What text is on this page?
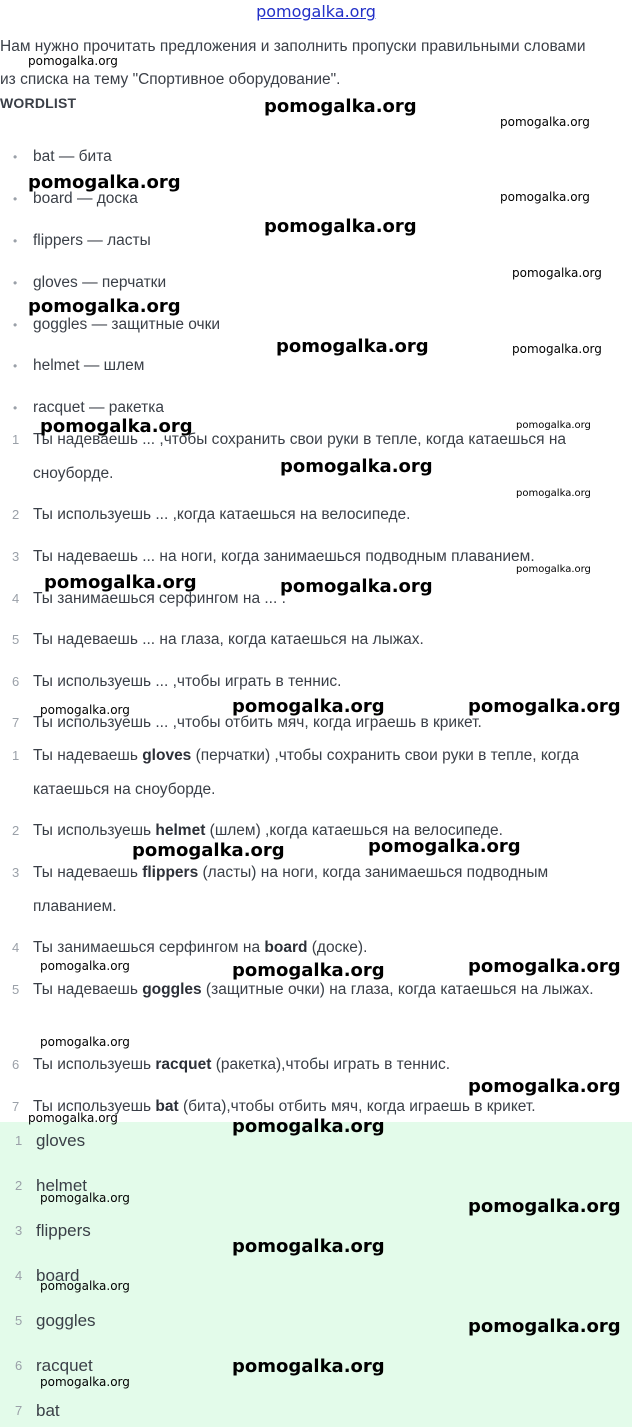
pomogalka.org
Нам нужно прочитать предложения и заполнить пропуски правильными словами из списка на тему "Спортивное оборудование".
WORDLIST
• bat — бита
• board — доска
• flippers — ласты
• gloves — перчатки
• goggles — защитные очки
• helmet — шлем
• racquet — ракетка
1 Ты надеваешь ... ,чтобы сохранить свои руки в тепле, когда катаешься на сноуборде.
2 Ты используешь ... ,когда катаешься на велосипеде.
3 Ты надеваешь ... на ноги, когда занимаешься подводным плаванием.
4 Ты занимаешься серфингом на ... .
5 Ты надеваешь ... на глаза, когда катаешься на лыжах.
6 Ты используешь ... ,чтобы играть в теннис.
7 Ты используешь ... ,чтобы отбить мяч, когда играешь в крикет.
1 Ты надеваешь gloves (перчатки) ,чтобы сохранить свои руки в тепле, когда катаешься на сноуборде.
2 Ты используешь helmet (шлем) ,когда катаешься на велосипеде.
3 Ты надеваешь flippers (ласты) на ноги, когда занимаешься подводным плаванием.
4 Ты занимаешься серфингом на board (доске).
5 Ты надеваешь goggles (защитные очки) на глаза, когда катаешься на лыжах.
6 Ты используешь racquet (ракетка),чтобы играть в теннис.
7 Ты используешь bat (бита),чтобы отбить мяч, когда играешь в крикет.
1 gloves
2 helmet
3 flippers
4 board
5 goggles
6 racquet
7 bat
pomogalka.org
pomogalka.org
pomogalka.org
pomogalka.org
pomogalka.org
pomogalka.org
pomogalka.org
pomogalka.org
pomogalka.org	pomogalka.org
pomogalka.org	pomogalka.org
pomogalka.org
pomogalka.org
pomogalka.org
pomogalka.org	pomogalka.org
pomogalka.org	pomogalka.org
pomogalka.org
pomogalka.org
pomogalka.org
pomogalka.org	pomogalka.org
pomogalka.org
pomogalka.org
pomogalka.org
pomogalka.org	pomogalka.org
pomogalka.org	pomogalka.org
pomogalka.org
pomogalka.org
pomogalka.org
pomogalka.org
pomogalka.org
